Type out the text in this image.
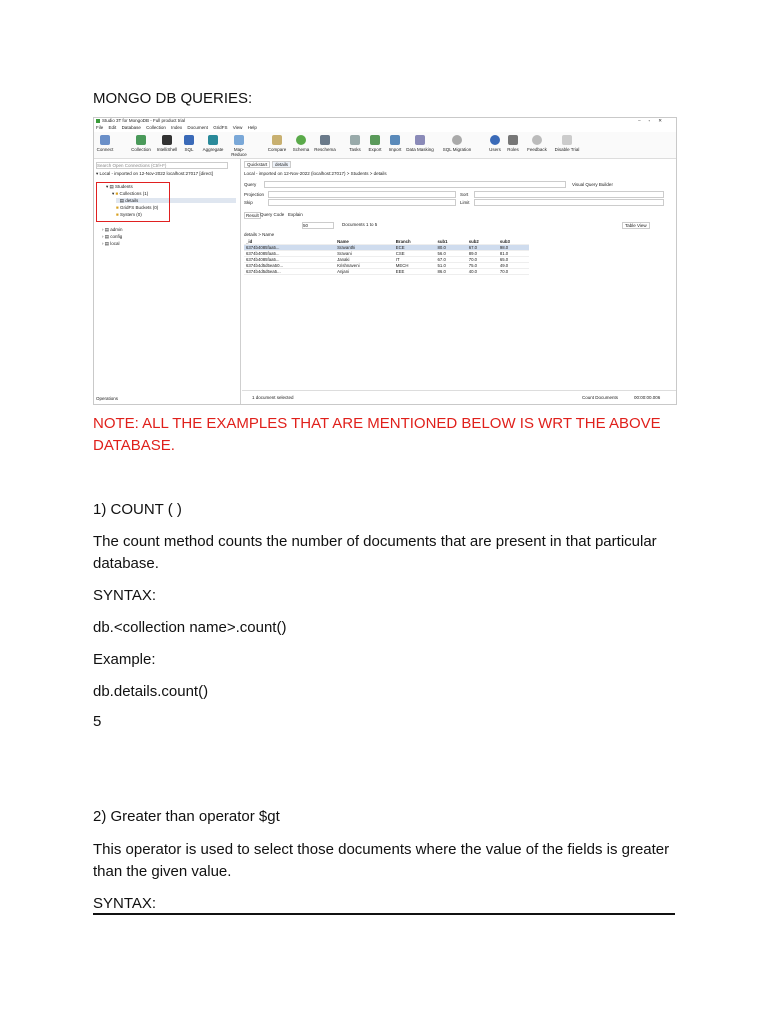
MONGO DB QUERIES:
Studio 3T for MongoDB - Full product trial	–▫✕
File Edit Database Collection Index Document GridFS View Help
Connect	Collection IntelliShell	SQL	Aggregate	Map-Reduce
Compare	Schema	Reschema	Tasks	Export	Import	Data Masking SQL Migration	Users	Roles	Feedback	Disable Trial
Search Open Connections (Ctrl+F)
▾ Local - imported on 12-Nov-2022 localhost:27017 [direct]
▾ ▤ Students
▾ ■ Collections (1)
▤ details
■ GridFS Buckets (0)
■ System (0)
› ▤ admin
› ▤ config
› ▤ local
Operations
Quickstart	details
Local - imported on 12-Nov-2022 (localhost:27017) > Students > details
Query	Visual Query Builder
Projection	Sort
Skip	Limit
Result Query Code Explain
50	Documents 1 to 5	Table View
details > Name
_id	Name	Branch	sub1	sub2	sub3
6374b4085faa5...	Sravanthi	ECE	80.0	67.0	98.0
6374b4085faa5...	Sravani	CSE	56.0	89.0	81.0
6374b4085faa5...	Janaki	IT	67.0	70.0	65.0
6374b4d5d5ea50...	Krishnaveni	MECH	51.0	75.0	49.0
6374b4d5d5ea5...	Anjani	EEE	86.0	40.0	70.0
1 document selected	Count Documents	00:00:00.006
NOTE: ALL THE EXAMPLES THAT ARE MENTIONED BELOW IS WRT THE ABOVE DATABASE.
1) COUNT ( )
The count method counts the number of documents that are present in that particular database.
SYNTAX:
db.<collection name>.count()
Example:
db.details.count()
5
2) Greater than operator $gt
This operator is used to select those documents where the value of the fields is greater than the given value.
SYNTAX:
